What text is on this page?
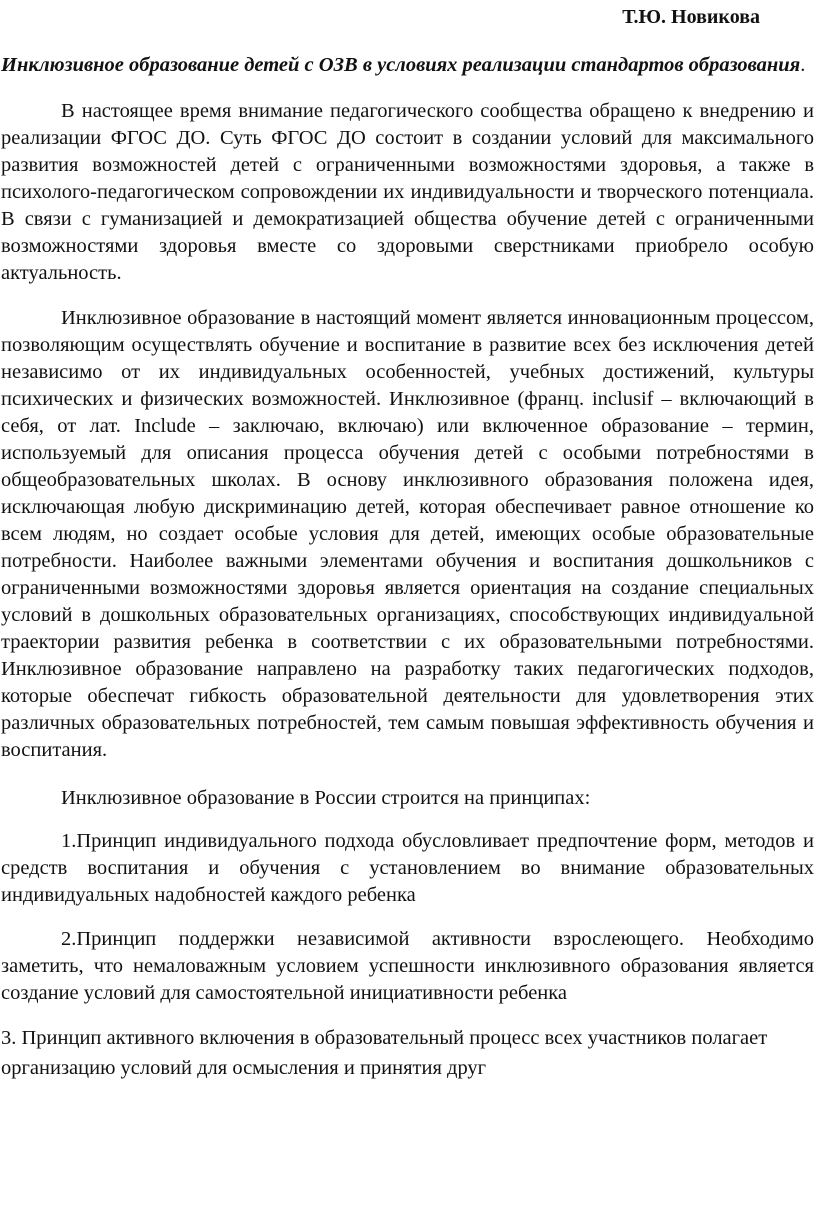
Т.Ю. Новикова
Инклюзивное образование детей с ОЗВ в условиях реализации стандартов образования.

В настоящее время внимание педагогического сообщества обращено к внедрению и реализации ФГОС ДО. Суть ФГОС ДО состоит в создании условий для максимального развития возможностей детей с ограниченными возможностями здоровья, а также в психолого-педагогическом сопровождении их индивидуальности и творческого потенциала. В связи с гуманизацией и демократизацией общества обучение детей с ограниченными возможностями здоровья вместе со здоровыми сверстниками приобрело особую актуальность.

Инклюзивное образование в настоящий момент является инновационным процессом, позволяющим осуществлять обучение и воспитание в развитие всех без исключения детей независимо от их индивидуальных особенностей, учебных достижений, культуры психических и физических возможностей. Инклюзивное (франц. inclusif – включающий в себя, от лат. Include – заключаю, включаю) или включенное образование – термин, используемый для описания процесса обучения детей с особыми потребностями в общеобразовательных школах. В основу инклюзивного образования положена идея, исключающая любую дискриминацию детей, которая обеспечивает равное отношение ко всем людям, но создает особые условия для детей, имеющих особые образовательные потребности. Наиболее важными элементами обучения и воспитания дошкольников с ограниченными возможностями здоровья является ориентация на создание специальных условий в дошкольных образовательных организациях, способствующих индивидуальной траектории развития ребенка в соответствии с их образовательными потребностями. Инклюзивное образование направлено на разработку таких педагогических подходов, которые обеспечат гибкость образовательной деятельности для удовлетворения этих различных образовательных потребностей, тем самым повышая эффективность обучения и воспитания.

Инклюзивное образование в России строится на принципах:

1.Принцип индивидуального подхода обусловливает предпочтение форм, методов и средств воспитания и обучения с установлением во внимание образовательных индивидуальных надобностей каждого ребенка

2.Принцип поддержки независимой активности взрослеющего. Необходимо заметить, что немаловажным условием успешности инклюзивного образования является создание условий для самостоятельной инициативности ребенка

3. Принцип активного включения в образовательный процесс всех участников полагает организацию условий для осмысления и принятия друг
